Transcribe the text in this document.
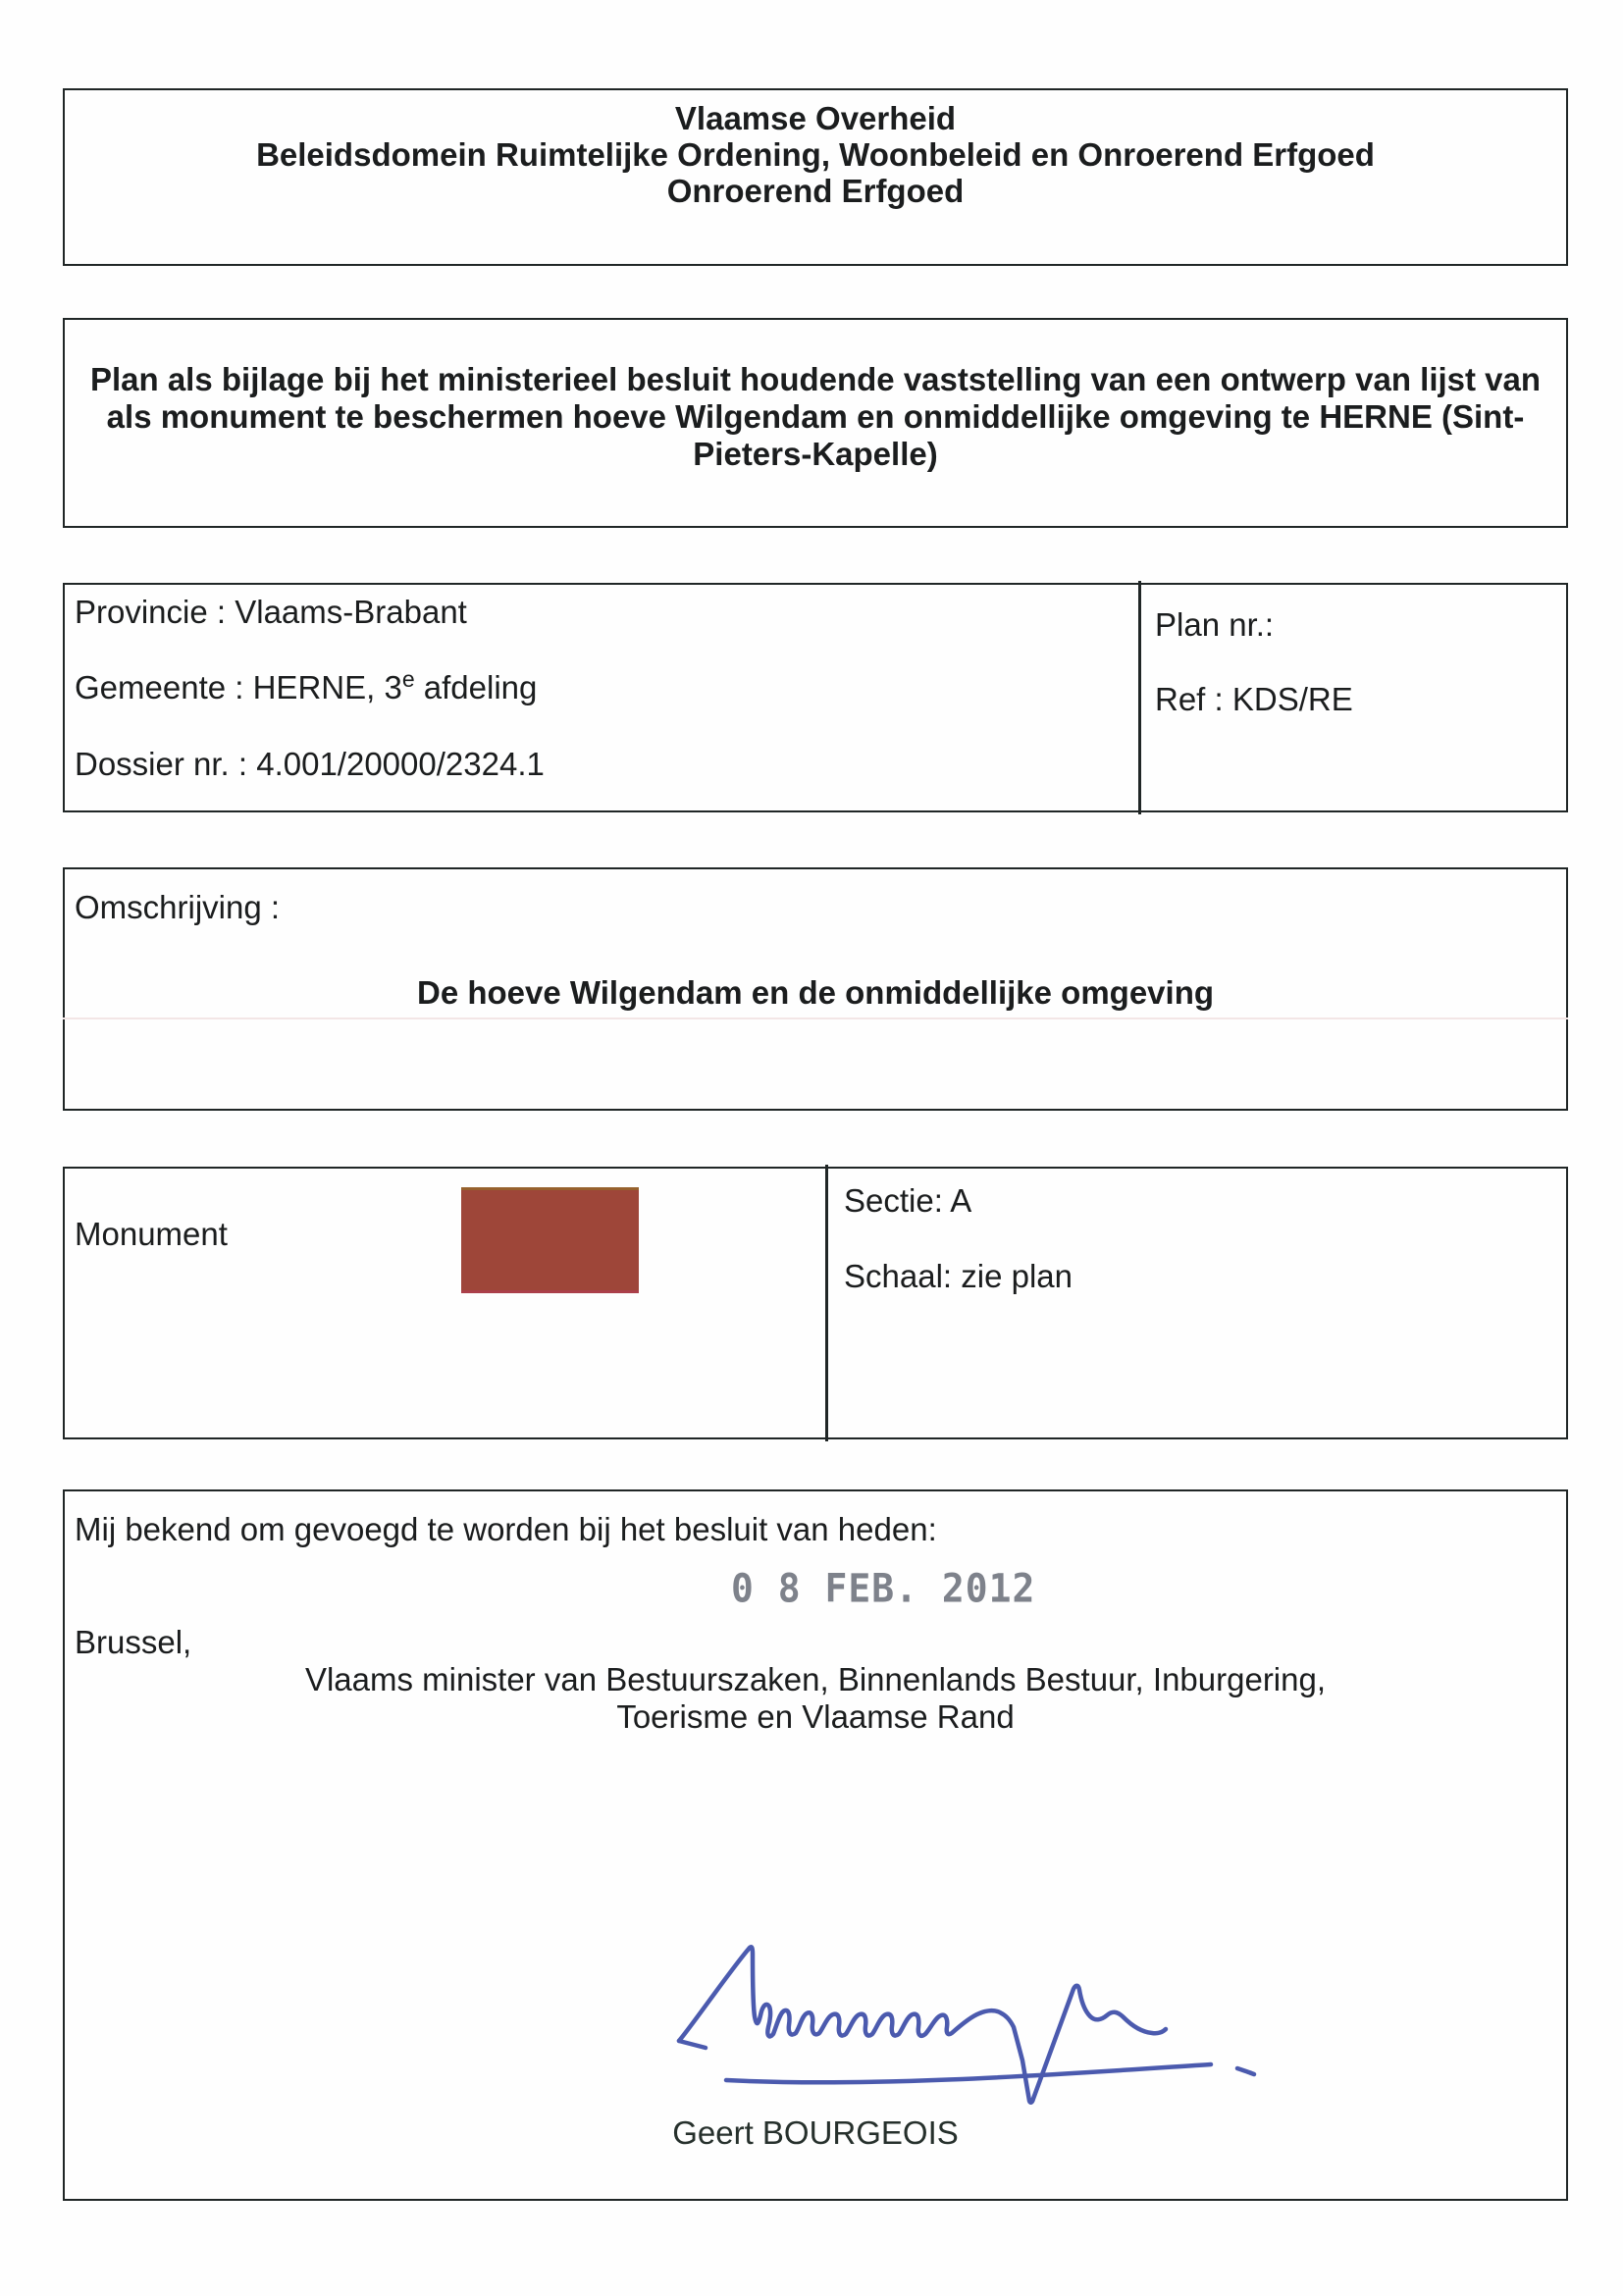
Vlaamse Overheid
Beleidsdomein Ruimtelijke Ordening, Woonbeleid en Onroerend Erfgoed
Onroerend Erfgoed
Plan als bijlage bij het ministerieel besluit houdende vaststelling van een ontwerp van lijst van
als monument te beschermen hoeve Wilgendam en onmiddellijke omgeving te HERNE (Sint-
Pieters-Kapelle)
Provincie : Vlaams-Brabant
Gemeente : HERNE, 3e afdeling
Dossier nr. : 4.001/20000/2324.1
Plan nr.:
Ref : KDS/RE
Omschrijving :
De hoeve Wilgendam en de onmiddellijke omgeving
Monument
Sectie: A
Schaal: zie plan
Mij bekend om gevoegd te worden bij het besluit van heden:
0 8 FEB. 2012
Brussel,
Vlaams minister van Bestuurszaken, Binnenlands Bestuur, Inburgering,
Toerisme en Vlaamse Rand
Geert BOURGEOIS
